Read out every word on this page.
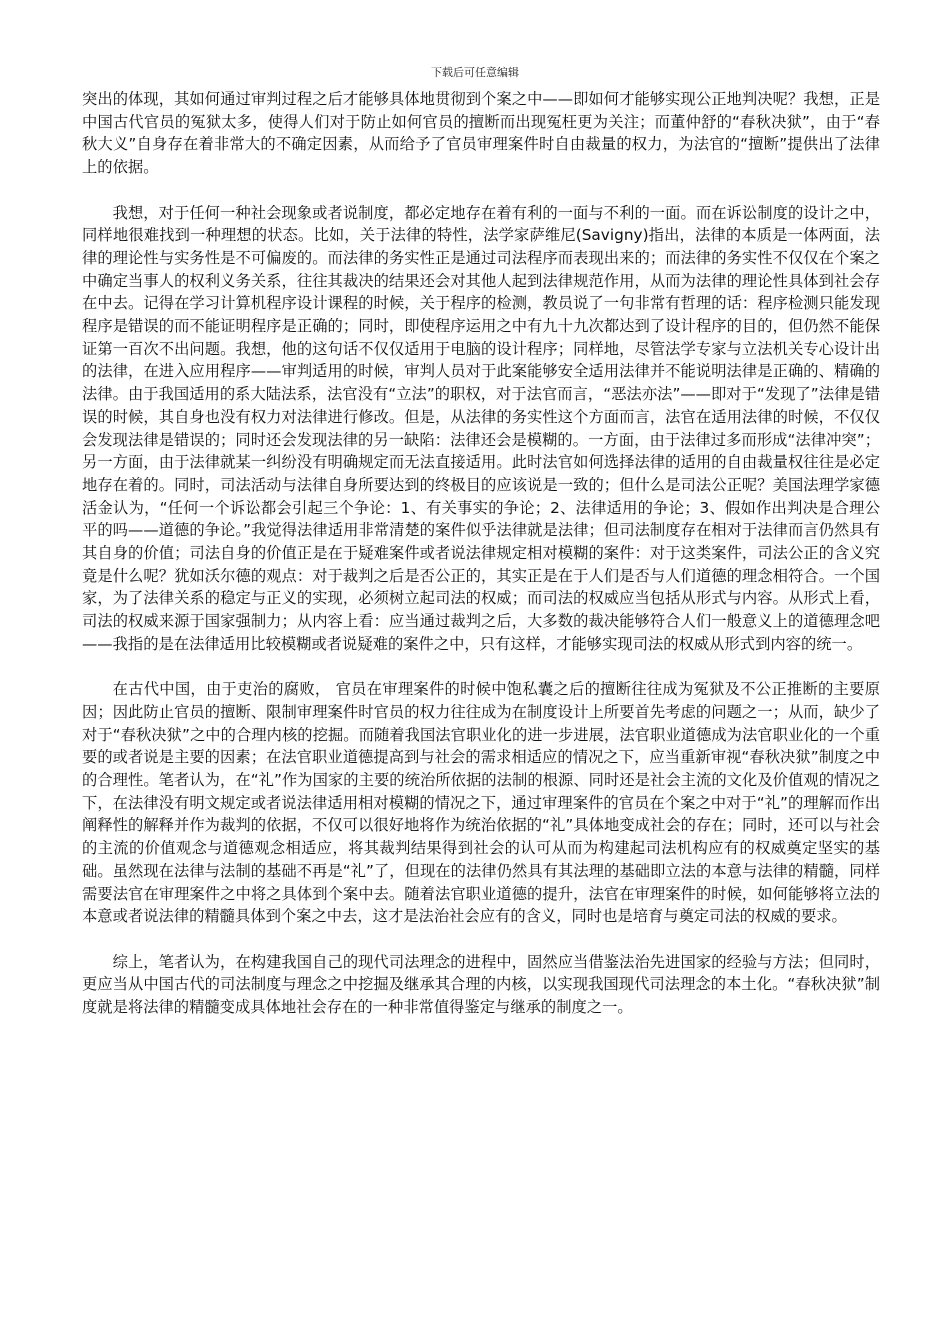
下载后可任意编辑

突出的体现，其如何通过审判过程之后才能够具体地贯彻到个案之中——即如何才能够实现公正地判决呢？我想，正是中国古代官员的冤狱太多，使得人们对于防止如何官员的擅断而出现冤枉更为关注；而董仲舒的“春秋决狱”，由于“春秋大义”自身存在着非常大的不确定因素，从而给予了官员审理案件时自由裁量的权力，为法官的“擅断”提供出了法律上的依据。

我想，对于任何一种社会现象或者说制度，都必定地存在着有利的一面与不利的一面。而在诉讼制度的设计之中，同样地很难找到一种理想的状态。比如，关于法律的特性，法学家萨维尼(Savigny)指出，法律的本质是一体两面，法律的理论性与实务性是不可偏废的。而法律的务实性正是通过司法程序而表现出来的；而法律的务实性不仅仅在个案之中确定当事人的权利义务关系，往往其裁决的结果还会对其他人起到法律规范作用，从而为法律的理论性具体到社会存在中去。记得在学习计算机程序设计课程的时候，关于程序的检测，教员说了一句非常有哲理的话：程序检测只能发现程序是错误的而不能证明程序是正确的；同时，即使程序运用之中有九十九次都达到了设计程序的目的，但仍然不能保证第一百次不出问题。我想，他的这句话不仅仅适用于电脑的设计程序；同样地，尽管法学专家与立法机关专心设计出的法律，在进入应用程序——审判适用的时候，审判人员对于此案能够安全适用法律并不能说明法律是正确的、精确的法律。由于我国适用的系大陆法系，法官没有“立法”的职权，对于法官而言，“恶法亦法”——即对于“发现了”法律是错误的时候，其自身也没有权力对法律进行修改。但是，从法律的务实性这个方面而言，法官在适用法律的时候，不仅仅会发现法律是错误的；同时还会发现法律的另一缺陷：法律还会是模糊的。一方面，由于法律过多而形成“法律冲突”；另一方面，由于法律就某一纠纷没有明确规定而无法直接适用。此时法官如何选择法律的适用的自由裁量权往往是必定地存在着的。同时，司法活动与法律自身所要达到的终极目的应该说是一致的；但什么是司法公正呢？美国法理学家德活金认为，“任何一个诉讼都会引起三个争论：1、有关事实的争论；2、法律适用的争论；3、假如作出判决是合理公平的吗——道德的争论。”我觉得法律适用非常清楚的案件似乎法律就是法律；但司法制度存在相对于法律而言仍然具有其自身的价值；司法自身的价值正是在于疑难案件或者说法律规定相对模糊的案件：对于这类案件，司法公正的含义究竟是什么呢？犹如沃尔德的观点：对于裁判之后是否公正的，其实正是在于人们是否与人们道德的理念相符合。一个国家，为了法律关系的稳定与正义的实现，必须树立起司法的权威；而司法的权威应当包括从形式与内容。从形式上看，司法的权威来源于国家强制力；从内容上看：应当通过裁判之后，大多数的裁决能够符合人们一般意义上的道德理念吧——我指的是在法律适用比较模糊或者说疑难的案件之中，只有这样，才能够实现司法的权威从形式到内容的统一。

在古代中国，由于吏治的腐败， 官员在审理案件的时候中饱私囊之后的擅断往往成为冤狱及不公正推断的主要原因；因此防止官员的擅断、限制审理案件时官员的权力往往成为在制度设计上所要首先考虑的问题之一；从而，缺少了对于“春秋决狱”之中的合理内核的挖掘。而随着我国法官职业化的进一步进展，法官职业道德成为法官职业化的一个重要的或者说是主要的因素；在法官职业道德提高到与社会的需求相适应的情况之下，应当重新审视“春秋决狱”制度之中的合理性。笔者认为，在“礼”作为国家的主要的统治所依据的法制的根源、同时还是社会主流的文化及价值观的情况之下，在法律没有明文规定或者说法律适用相对模糊的情况之下，通过审理案件的官员在个案之中对于“礼”的理解而作出阐释性的解释并作为裁判的依据，不仅可以很好地将作为统治依据的“礼”具体地变成社会的存在；同时，还可以与社会的主流的价值观念与道德观念相适应，将其裁判结果得到社会的认可从而为构建起司法机构应有的权威奠定坚实的基础。虽然现在法律与法制的基础不再是“礼”了，但现在的法律仍然具有其法理的基础即立法的本意与法律的精髓，同样需要法官在审理案件之中将之具体到个案中去。随着法官职业道德的提升，法官在审理案件的时候，如何能够将立法的本意或者说法律的精髓具体到个案之中去，这才是法治社会应有的含义，同时也是培育与奠定司法的权威的要求。

综上，笔者认为，在构建我国自己的现代司法理念的进程中，固然应当借鉴法治先进国家的经验与方法；但同时，更应当从中国古代的司法制度与理念之中挖掘及继承其合理的内核，以实现我国现代司法理念的本土化。“春秋决狱”制度就是将法律的精髓变成具体地社会存在的一种非常值得鉴定与继承的制度之一。
